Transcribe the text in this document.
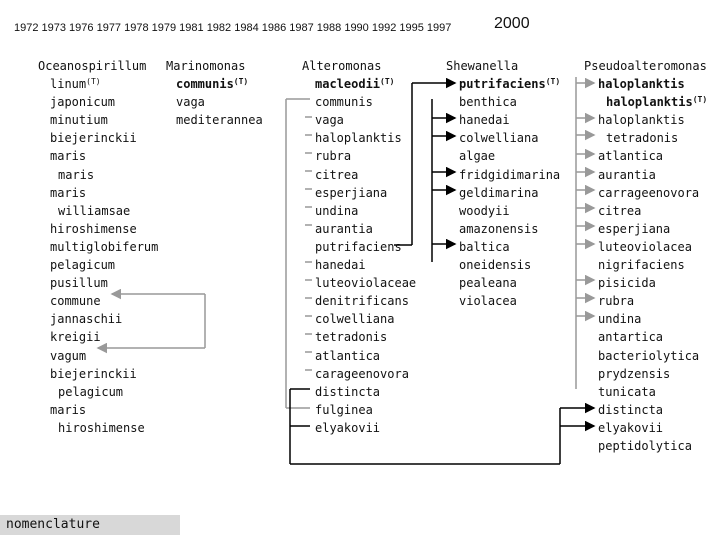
1972 1973 1976 1977 1978 1979 1981 1982 1984 1986 1987 1988 1990 1992 1995 1997	2000
Oceanospirillum
linum$^{(T)}$
japonicum
minutium
biejerinckii
maris
maris
maris
williamsae
hiroshimense
multiglobiferum
pelagicum
pusillum
commune
jannaschii
kreigii
vagum
biejerinckii
pelagicum
maris
hiroshimense
Marinomonas
communis$^{(T)}$
vaga
mediterannea
Alteromonas
macleodii$^{(T)}$
communis
vaga
haloplanktis
rubra
citrea
esperjiana
undina
aurantia
putrifaciens
hanedai
luteoviolaceae
denitrificans
colwelliana
tetradonis
atlantica
carageenovora
distincta
fulginea
elyakovii
Shewanella
putrifaciens$^{(T)}$
benthica
hanedai
colwelliana
algae
fridgidimarina
geldimarina
woodyii
amazonensis
baltica
oneidensis
pealeana
violacea
Pseudoalteromonas
haloplanktis
haloplanktis$^{(T)}$
haloplanktis
tetradonis
atlantica
aurantia
carrageenovora
citrea
esperjiana
luteoviolacea
nigrifaciens
pisicida
rubra
undina
antartica
bacteriolytica
prydzensis
tunicata
distincta
elyakovii
peptidolytica
nomenclature
